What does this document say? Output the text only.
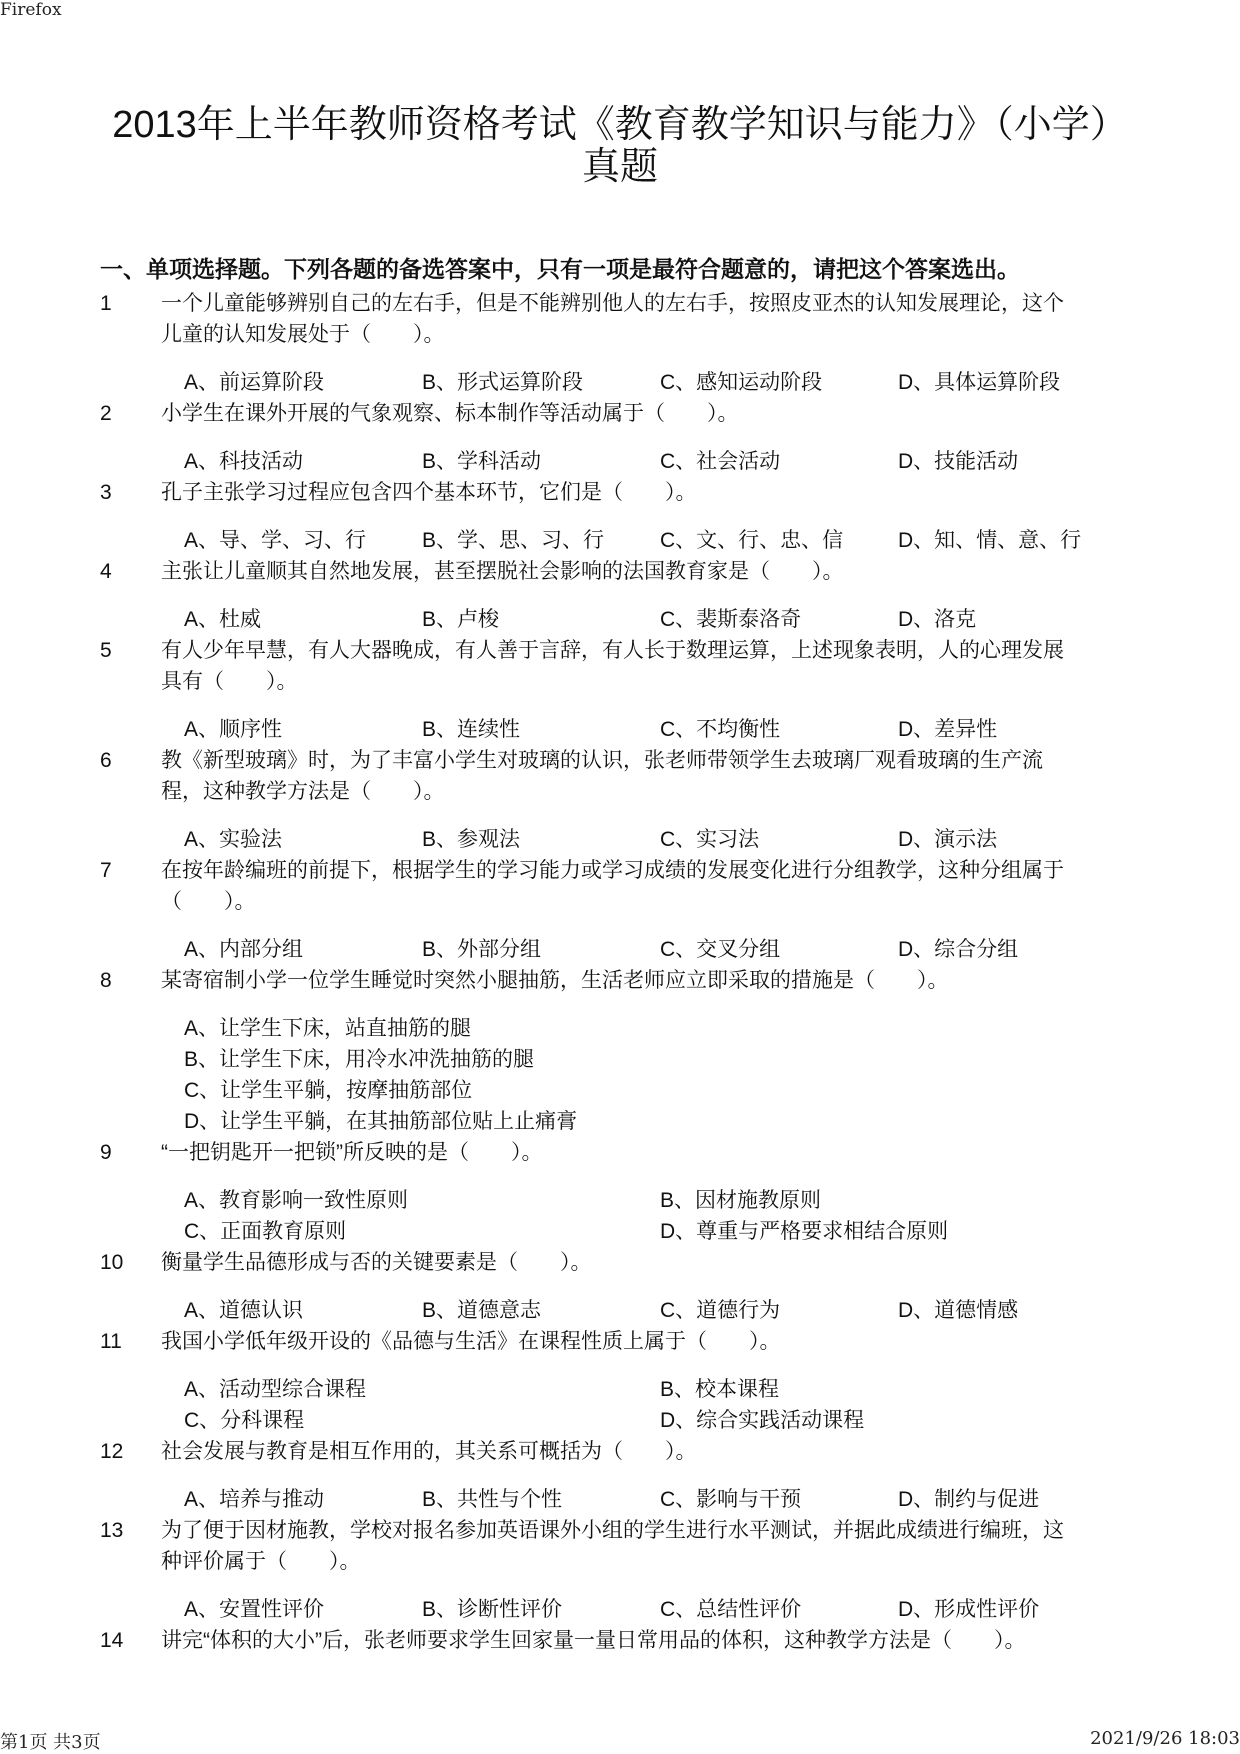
Firefox
2013年上半年教师资格考试《教育教学知识与能力》（小学）
真题
一、单项选择题。下列各题的备选答案中，只有一项是最符合题意的，请把这个答案选出。
1	一个儿童能够辨别自己的左右手，但是不能辨别他人的左右手，按照皮亚杰的认知发展理论，这个
儿童的认知发展处于（　　）。
A、前运算阶段	B、形式运算阶段	C、感知运动阶段	D、具体运算阶段
2	小学生在课外开展的气象观察、标本制作等活动属于（　　）。
A、科技活动	B、学科活动	C、社会活动	D、技能活动
3	孔子主张学习过程应包含四个基本环节，它们是（　　）。
A、导、学、习、行	B、学、思、习、行	C、文、行、忠、信	D、知、情、意、行
4	主张让儿童顺其自然地发展，甚至摆脱社会影响的法国教育家是（　　）。
A、杜威	B、卢梭	C、裴斯泰洛奇	D、洛克
5	有人少年早慧，有人大器晚成，有人善于言辞，有人长于数理运算，上述现象表明，人的心理发展
具有（　　）。
A、顺序性	B、连续性	C、不均衡性	D、差异性
6	教《新型玻璃》时，为了丰富小学生对玻璃的认识，张老师带领学生去玻璃厂观看玻璃的生产流
程，这种教学方法是（　　）。
A、实验法	B、参观法	C、实习法	D、演示法
7	在按年龄编班的前提下，根据学生的学习能力或学习成绩的发展变化进行分组教学，这种分组属于
（　　）。
A、内部分组	B、外部分组	C、交叉分组	D、综合分组
8	某寄宿制小学一位学生睡觉时突然小腿抽筋，生活老师应立即采取的措施是（　　）。
A、让学生下床，站直抽筋的腿
B、让学生下床，用冷水冲洗抽筋的腿
C、让学生平躺，按摩抽筋部位
D、让学生平躺，在其抽筋部位贴上止痛膏
9	“一把钥匙开一把锁”所反映的是（　　）。
A、教育影响一致性原则	B、因材施教原则
C、正面教育原则	D、尊重与严格要求相结合原则
10	衡量学生品德形成与否的关键要素是（　　）。
A、道德认识	B、道德意志	C、道德行为	D、道德情感
11	我国小学低年级开设的《品德与生活》在课程性质上属于（　　）。
A、活动型综合课程	B、校本课程
C、分科课程	D、综合实践活动课程
12	社会发展与教育是相互作用的，其关系可概括为（　　）。
A、培养与推动	B、共性与个性	C、影响与干预	D、制约与促进
13	为了便于因材施教，学校对报名参加英语课外小组的学生进行水平测试，并据此成绩进行编班，这
种评价属于（　　）。
A、安置性评价	B、诊断性评价	C、总结性评价	D、形成性评价
14	讲完“体积的大小”后，张老师要求学生回家量一量日常用品的体积，这种教学方法是（　　）。
第1页 共3页	2021/9/26 18:03
